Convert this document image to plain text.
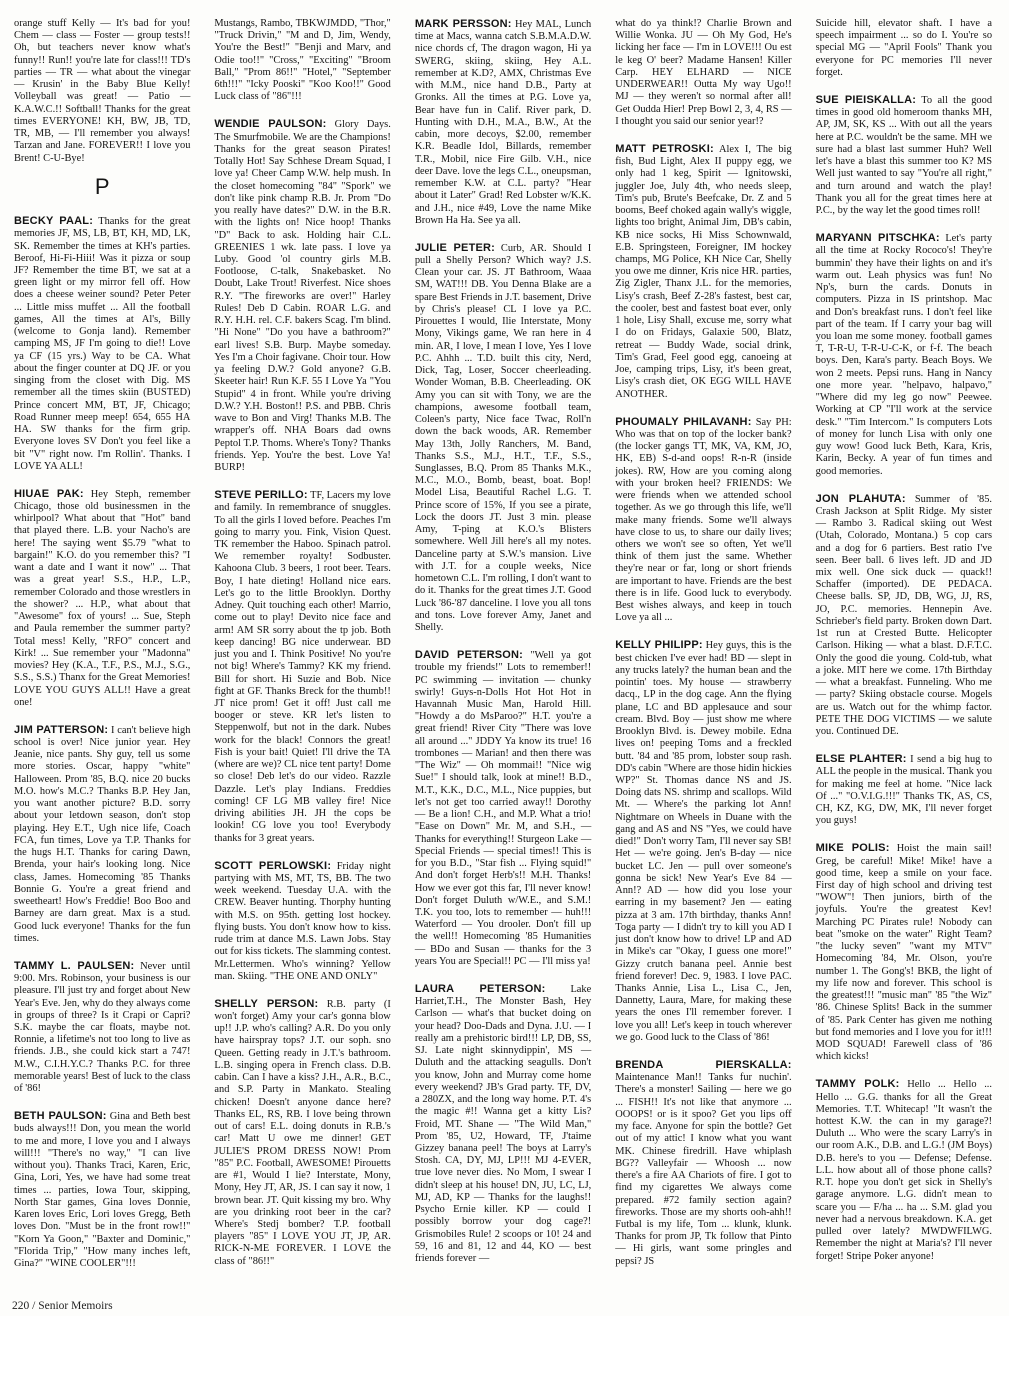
orange stuff Kelly — It's bad for you! Chem — class — Foster — group tests!! Oh, but teachers never know what's funny!! Run!! you're late for class!!! TD's parties — TR — what about the vinegar — Krusin' in the Baby Blue Kelly! Volleyball was great! — Patio — K.A.W.C.!! Softball! Thanks for the great times EVERYONE! KH, BW, JB, TD, TR, MB, — I'll remember you always! Tarzan and Jane. FOREVER!! I love you Brent! C-U-Bye!
P
BECKY PAAL: Thanks for the great memories JF, MS, LB, BT, KH, MD, LK, SK. Remember the times at KH's parties. Beroof, Hi-Fi-Hiii! Was it pizza or soup JF? Remember the time BT, we sat at a green light or my mirror fell off. How does a cheese weiner sound? Peter Peter ... Little miss muffet ... All the football games, All the times at Al's, Billy (welcome to Gonja land). Remember camping MS, JF I'm going to die!! Love ya CF (15 yrs.) Way to be CA. What about the finger counter at DQ JF. or you singing from the closet with Dig. MS remember all the times skiin (BUSTED) Prince concert MM, BT, JF, Chicago; Road Runner meep meep! 654, 655 HA HA. SW thanks for the firm grip. Everyone loves SV Don't you feel like a bit "V" right now. I'm Rollin'. Thanks. I LOVE YA ALL!
HIUAE PAK: Hey Steph, remember Chicago, those old businessmen in the whirlpool? What about that "Hot" band that played there. L.B. your Nacho's are here! The saying went $5.79 "what to bargain!" K.O. do you remember this? "I want a date and I want it now" ... That was a great year! S.S., H.P., L.P., remember Colorado and those wrestlers in the shower? ... H.P., what about that "Awesome" fox of yours! ... Sue, Steph and Paula remember the summer party? Total mess! Kelly, "RFO" concert and Kirk! ... Sue remember your "Madonna" movies? Hey (K.A., T.F., P.S., M.J., S.G., S.S., S.S.) Thanx for the Great Memories! LOVE YOU GUYS ALL!! Have a great one!
JIM PATTERSON: I can't believe high school is over! Nice junior year. Hey Jeanie, nice pants. Shy guy, tell us some more stories. Oscar, happy "white" Halloween. Prom '85, B.Q. nice 20 bucks M.O. how's M.C.? Thanks B.P. Hey Jan, you want another picture? B.D. sorry about your letdown season, don't stop playing. Hey E.T., Ugh nice life, Coach FCA, fun times, Love ya T.P. Thanks for the hugs H.T. Thanks for caring Dawn, Brenda, your hair's looking long. Nice class, James. Homecoming '85 Thanks Bonnie G. You're a great friend and sweetheart! How's Freddie! Boo Boo and Barney are darn great. Max is a stud. Good luck everyone! Thanks for the fun times.
TAMMY L. PAULSEN: Never until 9:00. Mrs. Robinson, your business is our pleasure. I'll just try and forget about New Year's Eve. Jen, why do they always come in groups of three? Is it Crapi or Capri? S.K. maybe the car floats, maybe not. Ronnie, a lifetime's not too long to live as friends. J.B., she could kick start a 747! M.W., C.I.H.Y.C.? Thanks P.C. for three memorable years! Best of luck to the class of '86!
BETH PAULSON: Gina and Beth best buds always!!! Don, you mean the world to me and more, I love you and I always will!!! "There's no way," "I can live without you). Thanks Traci, Karen, Eric, Gina, Lori, Yes, we have had some treat times ... parties, Iowa Tour, skipping, North Star games, Gina loves Donnie, Karen loves Eric, Lori loves Gregg, Beth loves Don. "Must be in the front row!!" "Korn Ya Goon," "Baxter and Dominic," "Florida Trip," "How many inches left, Gina?" "WINE COOLER"!!!
Mustangs, Rambo, TBKWJMDD, "Thor," "Truck Drivin," "M and D, Jim, Wendy, You're the Best!" "Benji and Marv, and Odie too!!" "Cross," "Exciting" "Broom Ball," "Prom 86!!" "Hotel," "September 6th!!!" "Icky Pooski" "Koo Koo!!" Good Luck class of "86"!!!
WENDIE PAULSON: Glory Days. The Smurfmobile. We are the Champions! Thanks for the great season Pirates! Totally Hot! Say Schhese Dream Squad, I love ya! Cheer Camp W.W. help mush. In the closet homecoming "84" "Spork" we don't like pink champ R.B. Jr. Prom "Do you really have dates?" D.W. in the B.R. with the lights on! Nice hoop! Thanks "D" Back to ask. Holding hair C.L. GREENIES 1 wk. late pass. I love ya Luby. Good 'ol country girls M.B. Footloose, C-talk, Snakebasket. No Doubt, Lake Trout! Riverfest. Nice shoes R.Y. "The fireworks are over!" Harley Rules! Deb D Cabin. ROAR L.G. and R.Y. H.H. rel. C.F. bakers Scag. I'm blind. "Hi None" "Do you have a bathroom?" earl lives! S.B. Burp. Maybe someday. Yes I'm a Choir fagivane. Choir tour. How ya feeling D.W.? Gold anyone? G.B. Skeeter hair! Run K.F. 55 I Love Ya "You Stupid" 4 in front. While you're driving D.W.? Y.H. Boston!! P.S. and PBB. Chris wave to Bon and Virg! Thanks M.B. The wrapper's off. NHA Boars dad owns Peptol T.P. Thoms. Where's Tony? Thanks friends. Yep. You're the best. Love Ya! BURP!
STEVE PERILLO: TF, Lacers my love and family. In remembrance of snuggles. To all the girls I loved before. Peaches I'm going to marry you. Fink, Vision Quest. TK remember the Haboo. Spinach patrol. We remember royalty! Sodbuster. Kahoona Club. 3 beers, 1 root beer. Tears. Boy, I hate dieting! Holland nice ears. Let's go to the little Brooklyn. Dorthy Adney. Quit touching each other! Marrio, come out to play! Devito nice face and arm! AM SR sorry about the tp job. Both keep dancing! BG nice underwear. BD just you and I. Think Positive! No you're not big! Where's Tammy? KK my friend. Bill for short. Hi Suzie and Bob. Nice fight at GF. Thanks Breck for the thumb!! JT nice prom! Get it off! Just call me booger or steve. KR let's listen to Steppenwolf, but not in the dark. Nubes work for the black! Connors the great! Fish is your bait! Quiet! I'll drive the TA (where are we)? CL nice tent party! Dome so close! Deb let's do our video. Razzle Dazzle. Let's play Indians. Freddies coming! CF LG MB valley fire! Nice driving abilities JH. JH the cops be lookin! CG love you too! Everybody thanks for 3 great years.
SCOTT PERLOWSKI: Friday night partying with MS, MT, TS, BB. The two week weekend. Tuesday U.A. with the CREW. Beaver hunting. Thorphy hunting with M.S. on 95th. getting lost hockey. flying busts. You don't know how to kiss. rude trim at dance M.S. Lawn Jobs. Stay out for kiss tickets. The slamming contest. Mr.Lettermen. Who's winning? Yellow man. Skiing. "THE ONE AND ONLY"
SHELLY PERSON: R.B. party (I won't forget) Amy your car's gonna blow up!! J.P. who's calling? A.R. Do you only have hairspray tops? J.T. our soph. sno Queen. Getting ready in J.T.'s bathroom. L.B. singing opera in French class. D.B. cabin. Can I have a kiss? J.H., A.R., B.C., and S.P. Party in Mankato. Stealing chicken! Doesn't anyone dance here? Thanks EL, RS, RB. I love being thrown out of cars! E.L. doing donuts in R.B.'s car! Matt U owe me dinner! GET JULIE'S PROM DRESS NOW! Prom "85" P.C. Football, AWESOME! Pirouetts are #1, Would I lie? Interstate, Mony, Mony, Hey JT, AR, JS. I can say it now, 1 brown bear. JT. Quit kissing my bro. Why are you drinking root beer in the car? Where's Stedj bomber? T.P. football players "85" I LOVE YOU JT, JP, AR. RICK-N-ME FOREVER. I LOVE the class of "86!!"
MARK PERSSON: Hey MAL, Lunch time at Macs, wanna catch S.B.M.A.D.W. nice chords cf, The dragon wagon, Hi ya SWERG, skiing, skiing, Hey A.L. remember at K.D?, AMX, Christmas Eve with M.M., nice hand D.B., Party at Gronks. All the times at P.G. Love ya, Bear have fun in Calif. River park, D. Hunting with D.H., M.A., B.W., At the cabin, more decoys, $2.00, remember K.R. Beadle Idol, Billards, remember T.R., Mobil, nice Fire Gilb. V.H., nice deer Dave. love the legs C.L., oneupsman, remember K.W. at C.L. party? "Hear about it Later" Grad! Red Lobster w/K.K. and J.H., nice #49, Love the name Mike Brown Ha Ha. See ya all.
JULIE PETER: Curb, AR. Should I pull a Shelly Person? Which way? J.S. Clean your car. JS. JT Bathroom, Waaa SM, WAT!!! DB. You Denna Blake are a spare Best Friends in J.T. basement, Drive by Chris's please! CL I love ya P.C. Pirouettes I would, Ilie Interstate, Mony Mony, Vikings game, We ran here in 4 min. AR, I love, I mean I love, Yes I love P.C. Ahhh ... T.D. built this city, Nerd, Dick, Tag, Loser, Soccer cheerleading. Wonder Woman, B.B. Cheerleading. OK Amy you can sit with Tony, we are the champions, awesome football team, Coleen's party, Nice face Twac, Roll'n down the back woods, AR. Remember May 13th, Jolly Ranchers, M. Band, Thanks S.S., M.J., H.T., T.F., S.S., Sunglasses, B.Q. Prom 85 Thanks M.K., M.C., M.O., Bomb, beast, boat. Bop! Model Lisa, Beautiful Rachel L.G. T. Prince score of 15%, If you see a pirate, Lock the doors JT. Just 3 min. please Amy, T-ping at K.O.'s Blisters somewhere. Well Jill here's all my notes. Danceline party at S.W.'s mansion. Live with J.T. for a couple weeks, Nice hometown C.L. I'm rolling, I don't want to do it. Thanks for the great times J.T. Good Luck '86-'87 danceline. I love you all tons and tons. Love forever Amy, Janet and Shelly.
DAVID PETERSON: "Well ya got trouble my friends!" Lots to remember!! PC swimming — invitation — chunky swirly! Guys-n-Dolls Hot Hot Hot in Havannah Music Man, Harold Hill. "Howdy a do MsParoo?" H.T. you're a great friend! River City "There was love all around ..." JDDY Ya know its true! 16 trombones — Marian! and then there was "The Wiz" — Oh mommai!! "Nice wig Sue!" I should talk, look at mine!! B.D., M.T., K.K., D.C., M.L., Nice puppies, but let's not get too carried away!! Dorothy — Be a lion! C.H., and M.P. What a trio! "Ease on Down" Mr. M, and S.H., — Thanks for everything!! Sturgeon Lake — Special Friends — special times!! This is for you B.D., "Star fish ... Flying squid!" And don't forget Herb's!! M.H. Thanks! How we ever got this far, I'll never know! Don't forget Duluth w/W.E., and S.M.! T.K. you too, lots to remember — huh!!! Waterford — You drooler. Don't fill up the well!! Homecoming '85 Humanities — BDo and Susan — thanks for the 3 years You are Special!! PC — I'll miss ya!
LAURA PETERSON: Lake Harriet,T.H., The Monster Bash, Hey Carlson — what's that bucket doing on your head? Doo-Dads and Dyna. J.U. — I really am a prehistoric bird!!! LP, DB, SS, SJ. Late night skinnydippin', MS — Duluth and the attacking seagulls. Don't you know, John and Murray come home every weekend? JB's Grad party. TF, DV, a 280ZX, and the long way home. P.T. 4's the magic #!! Wanna get a kitty Lis? Froid, MT. Shane — "The Wild Man," Prom '85, U2, Howard, TF, J'taime Gizzey banana peel! The boys at Larry's Stosh. CA, DY, MJ, LP!!! MJ 4-EVER, true love never dies. No Mom, I swear I didn't sleep at his house! DN, JU, LC, LJ, MJ, AD, KP — Thanks for the laughs!! Psycho Ernie killer. KP — could I possibly borrow your dog cage?! Grismobiles Rule! 2 scoops or 10! 24 and 59, 16 and 81, 12 and 44, KO — best friends forever —
what do ya think!? Charlie Brown and Willie Wonka. JU — Oh My God, He's licking her face — I'm in LOVE!!! Ou est le keg O' beer? Madame Hansen! Killer Carp. HEY ELHARD — NICE UNDERWEAR!! Outta My way Ugo!! MJ — they weren't so normal after all! Get Oudda Hier! Prep Bowl 2, 3, 4, RS — I thought you said our senior year!?
MATT PETROSKI: Alex I, The big fish, Bud Light, Alex II puppy egg, we only had 1 keg, Spirit — Ignitowski, juggler Joe, July 4th, who needs sleep, Tim's pub, Brute's Beefcake, Dr. Z and 5 booms, Beef choked again wally's wiggle, lights too bright, Animal Jim, DB's cabin, KB nice socks, Hi Miss Schownwald, E.B. Springsteen, Foreigner, IM hockey champs, MG Police, KH Nice Car, Shelly you owe me dinner, Kris nice HR. parties, Zig Zigler, Thanx J.L. for the memories, Lisy's crash, Beef Z-28's fastest, best car, the cooler, best and fastest boat ever, only 1 hole, Lisy Shall, excuse me, sorry what I do on Fridays, Galaxie 500, Blatz, retreat — Buddy Wade, social drink, Tim's Grad, Feel good egg, canoeing at Joe, camping trips, Lisy, it's been great, Lisy's crash diet, OK EGG WILL HAVE ANOTHER.
PHOUMALY PHILAVANH: Say PH: Who was that on top of the locker bank? (the locker gangs TT, MK, VA, KM, JO, HK, EB) S-d-and oops! R-n-R (inside jokes). RW, How are you coming along with your broken heel? FRIENDS: We were friends when we attended school together. As we go through this life, we'll make many friends. Some we'll always have close to us, to share our daily lives; others we won't see so often, Yet we'll think of them just the same. Whether they're near or far, long or short friends are important to have. Friends are the best there is in life. Good luck to everybody. Best wishes always, and keep in touch Love ya all ...
KELLY PHILIPP: Hey guys, this is the best chicken I've ever had! BD — slept in any trucks lately? the human bean and the pointin' toes. My house — strawberry dacq., LP in the dog cage. Ann the flying plane, LC and BD applesauce and sour cream. Blvd. Boy — just show me where Brooklyn Blvd. is. Dewey mobile. Edna lives on! peeping Toms and a freckled butt. '84 and '85 prom, lobster soup rash. DD's cabin "Where are those hidin hickies WP?" St. Thomas dance NS and JS. Doing dats NS. shrimp and scallops. Wild Mt. — Where's the parking lot Ann! Nightmare on Wheels in Duane with the gang and AS and NS "Yes, we could have died!" Don't worry Tam, I'll never say SB! Het — we're going. Jen's B-day — nice bucket LC. Jen — pull over someone's gonna be sick! New Year's Eve 84 — Ann!? AD — how did you lose your earring in my basement? Jen — eating pizza at 3 am. 17th birthday, thanks Ann! Toga party — I didn't try to kill you AD I just don't know how to drive! LP and AD in Mike's car "Okay, I guess one more!" Gizzy crutch banana peel. Annie best friend forever! Dec. 9, 1983. I love PAC. Thanks Annie, Lisa L., Lisa C., Jen, Dannetty, Laura, Mare, for making these years the ones I'll remember forever. I love you all! Let's keep in touch wherever we go. Good luck to the Class of '86!
BRENDA PIERSKALLA: Maintenance Man!! Tanks fur nuchin'. There's a monster! Sailing — here we go ... FISH!! It's not like that anymore ... OOOPS! or is it spoo? Get you lips off my face. Anyone for spin the bottle? Get out of my attic! I know what you want MK. Chinese firedrill. Have whiplash BG?? Valleyfair — Whoosh ... now there's a fire AA Chariots of fire. I got to find my cigarettes We always come prepared. #72 family section again? fireworks. Those are my shorts ooh-ahh!! Futbal is my life, Tom ... klunk, klunk. Thanks for prom JP, Tk follow that Pinto — Hi girls, want some pringles and pepsi? JS
Suicide hill, elevator shaft. I have a speech impairment ... so do I. You're so special MG — "April Fools" Thank you everyone for PC memories I'll never forget.
SUE PIEISKALLA: To all the good times in good old homeroom thanks MH, AP, JM, SK, KS ... With out all the years here at P.C. wouldn't be the same. MH we sure had a blast last summer Huh? Well let's have a blast this summer too K? MS Well just wanted to say "You're all right," and turn around and watch the play! Thank you all for the great times here at P.C., by the way let the good times roll!
MARYANN PITSCHKA: Let's party all the time at Rocky Rococo's! They're bummin' they have their lights on and it's warm out. Leah physics was fun! No Np's, burn the cards. Donuts in computers. Pizza in IS printshop. Mac and Don's breakfast runs. I don't feel like part of the team. If I carry your bag will you loan me some money. football games T, T-R-U, T-R-U-C-K, or f-f. The beach boys. Den, Kara's party. Beach Boys. We won 2 meets. Pepsi runs. Hang in Nancy one more year. "helpavo, halpavo," "Where did my leg go now" Peewee. Working at CP "I'll work at the service desk." "Tim Intercom." Is computers Lots of money for lunch Lisa with only one guy wow! Good luck Beth, Kara, Kris, Karin, Becky. A year of fun times and good memories.
JON PLAHUTA: Summer of '85. Crash Jackson at Split Ridge. My sister — Rambo 3. Radical skiing out West (Utah, Colorado, Montana.) 5 cop cars and a dog for 6 partiers. Best ratio I've seen. Beer ball. 6 lives left. JD and JD mix well. One sick duck — quack!! Schaffer (imported). DE PEDACA. Cheese balls. SP, JD, DB, WG, JJ, RS, JO, P.C. memories. Hennepin Ave. Schrieber's field party. Broken down Dart. 1st run at Crested Butte. Helicopter Carlson. Hiking — what a blast. D.F.T.C. Only the good die young. Cold-tub, what a joke. MIT here we come. 17th Birthday — what a breakfast. Funneling. Who me — party? Skiing obstacle course. Mogels are us. Watch out for the whimp factor. PETE THE DOG VICTIMS — we salute you. Continued DE.
ELSE PLAHTER: I send a big hug to ALL the people in the musical. Thank you for making me feel at home. "Nice lack Of ..." "O.V.I.G.!!!" Thanks TK, AS, CS, CH, KZ, KG, DW, MK, I'll never forget you guys!
MIKE POLIS: Hoist the main sail! Greg, be careful! Mike! Mike! have a good time, keep a smile on your face. First day of high school and driving test "WOW"! Then juniors, birth of the joyfuls. You're the greatest Kev! Marching PC Pirates rule! Nobody can beat "smoke on the water" Right Team? "the lucky seven" "want my MTV" Homecoming '84, Mr. Olson, you're number 1. The Gong's! BKB, the light of my life now and forever. This school is the greatest!!! "music man" '85 "the Wiz" '86. Chinese Splits! Back in the summer of '85. Park Center has given me nothing but fond memories and I love you for it!!! MOD SQUAD! Farewell class of '86 which kicks!
TAMMY POLK: Hello ... Hello ... Hello ... G.G. thanks for all the Great Memories. T.T. Whitecap! "It wasn't the hottest K.W. the can in my garage?! Duluth ... Who were the scary Larry's in our room A.K., D.B. and L.G.! (JM Boys) D.B. here's to you — Defense; Defense. L.L. how about all of those phone calls? R.T. hope you don't get sick in Shelly's garage anymore. L.G. didn't mean to scare you — F/ha ... ha ... S.M. glad you never had a nervous breakdown. K.A. get pulled over lately? MWDWFILWG. Remember the night at Maria's? I'll never forget! Stripe Poker anyone!
220 / Senior Memoirs
